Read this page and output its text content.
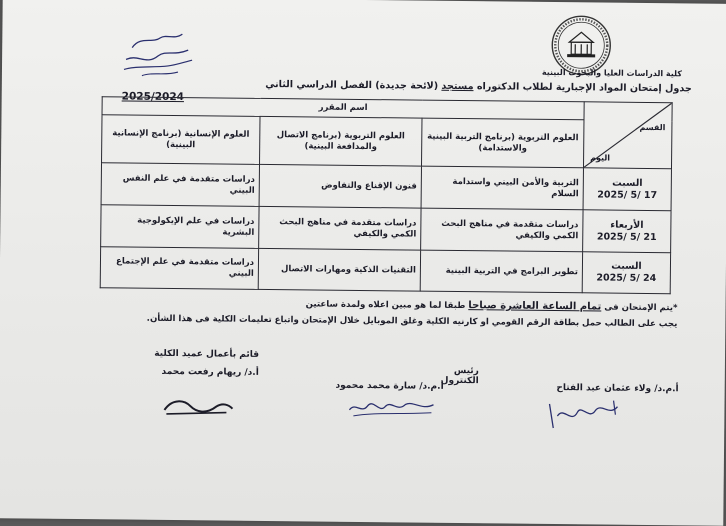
كلية الدراسات العليا والبحوث البينية
جدول إمتحان المواد الإجبارية لطلاب الدكتوراه مستجد (لائحة جديدة) الفصل الدراسي الثاني
2025/2024
القسم
اليوم	اسم المقرر		
	العلوم التربوية (برنامج التربية البينية والاستدامة)	العلوم التربوية (برنامج الاتصال والمدافعة البينية)	العلوم الإنسانية (برنامج الإنسانية البينية)

السبت
2025/ 5/ 17	التربية والأمن البيني واستدامة السلام	فنون الإقناع والتفاوض	دراسات متقدمة في علم النفس البيني

الأربعاء
2025/ 5/ 21	دراسات متقدمة في مناهج البحث الكمي والكيفي	دراسات متقدمة في مناهج البحث الكمي والكيفي	دراسات في علم الإيكولوجية البشرية

السبت
2025/ 5/ 24	تطوير البرامج في التربية البينية	التقنيات الذكية ومهارات الاتصال	دراسات متقدمة في علم الإجتماع البيني
*يتم الإمتحان فى تمام الساعة العاشرة صباحا طبقا لما هو مبين اعلاه ولمدة ساعتين
يجب على الطالب حمل بطاقة الرقم القومي او كارنيه الكلية وغلق الموبايل خلال الإمتحان واتباع تعليمات الكلية فى هذا الشأن.
قائم بأعمال عميد الكلية
أ.د/ ريهام رفعت محمد	رئيس الكنترول
أ.م.د/ سارة محمد محمود	أ.م.د/ ولاء عثمان عبد الفتاح
